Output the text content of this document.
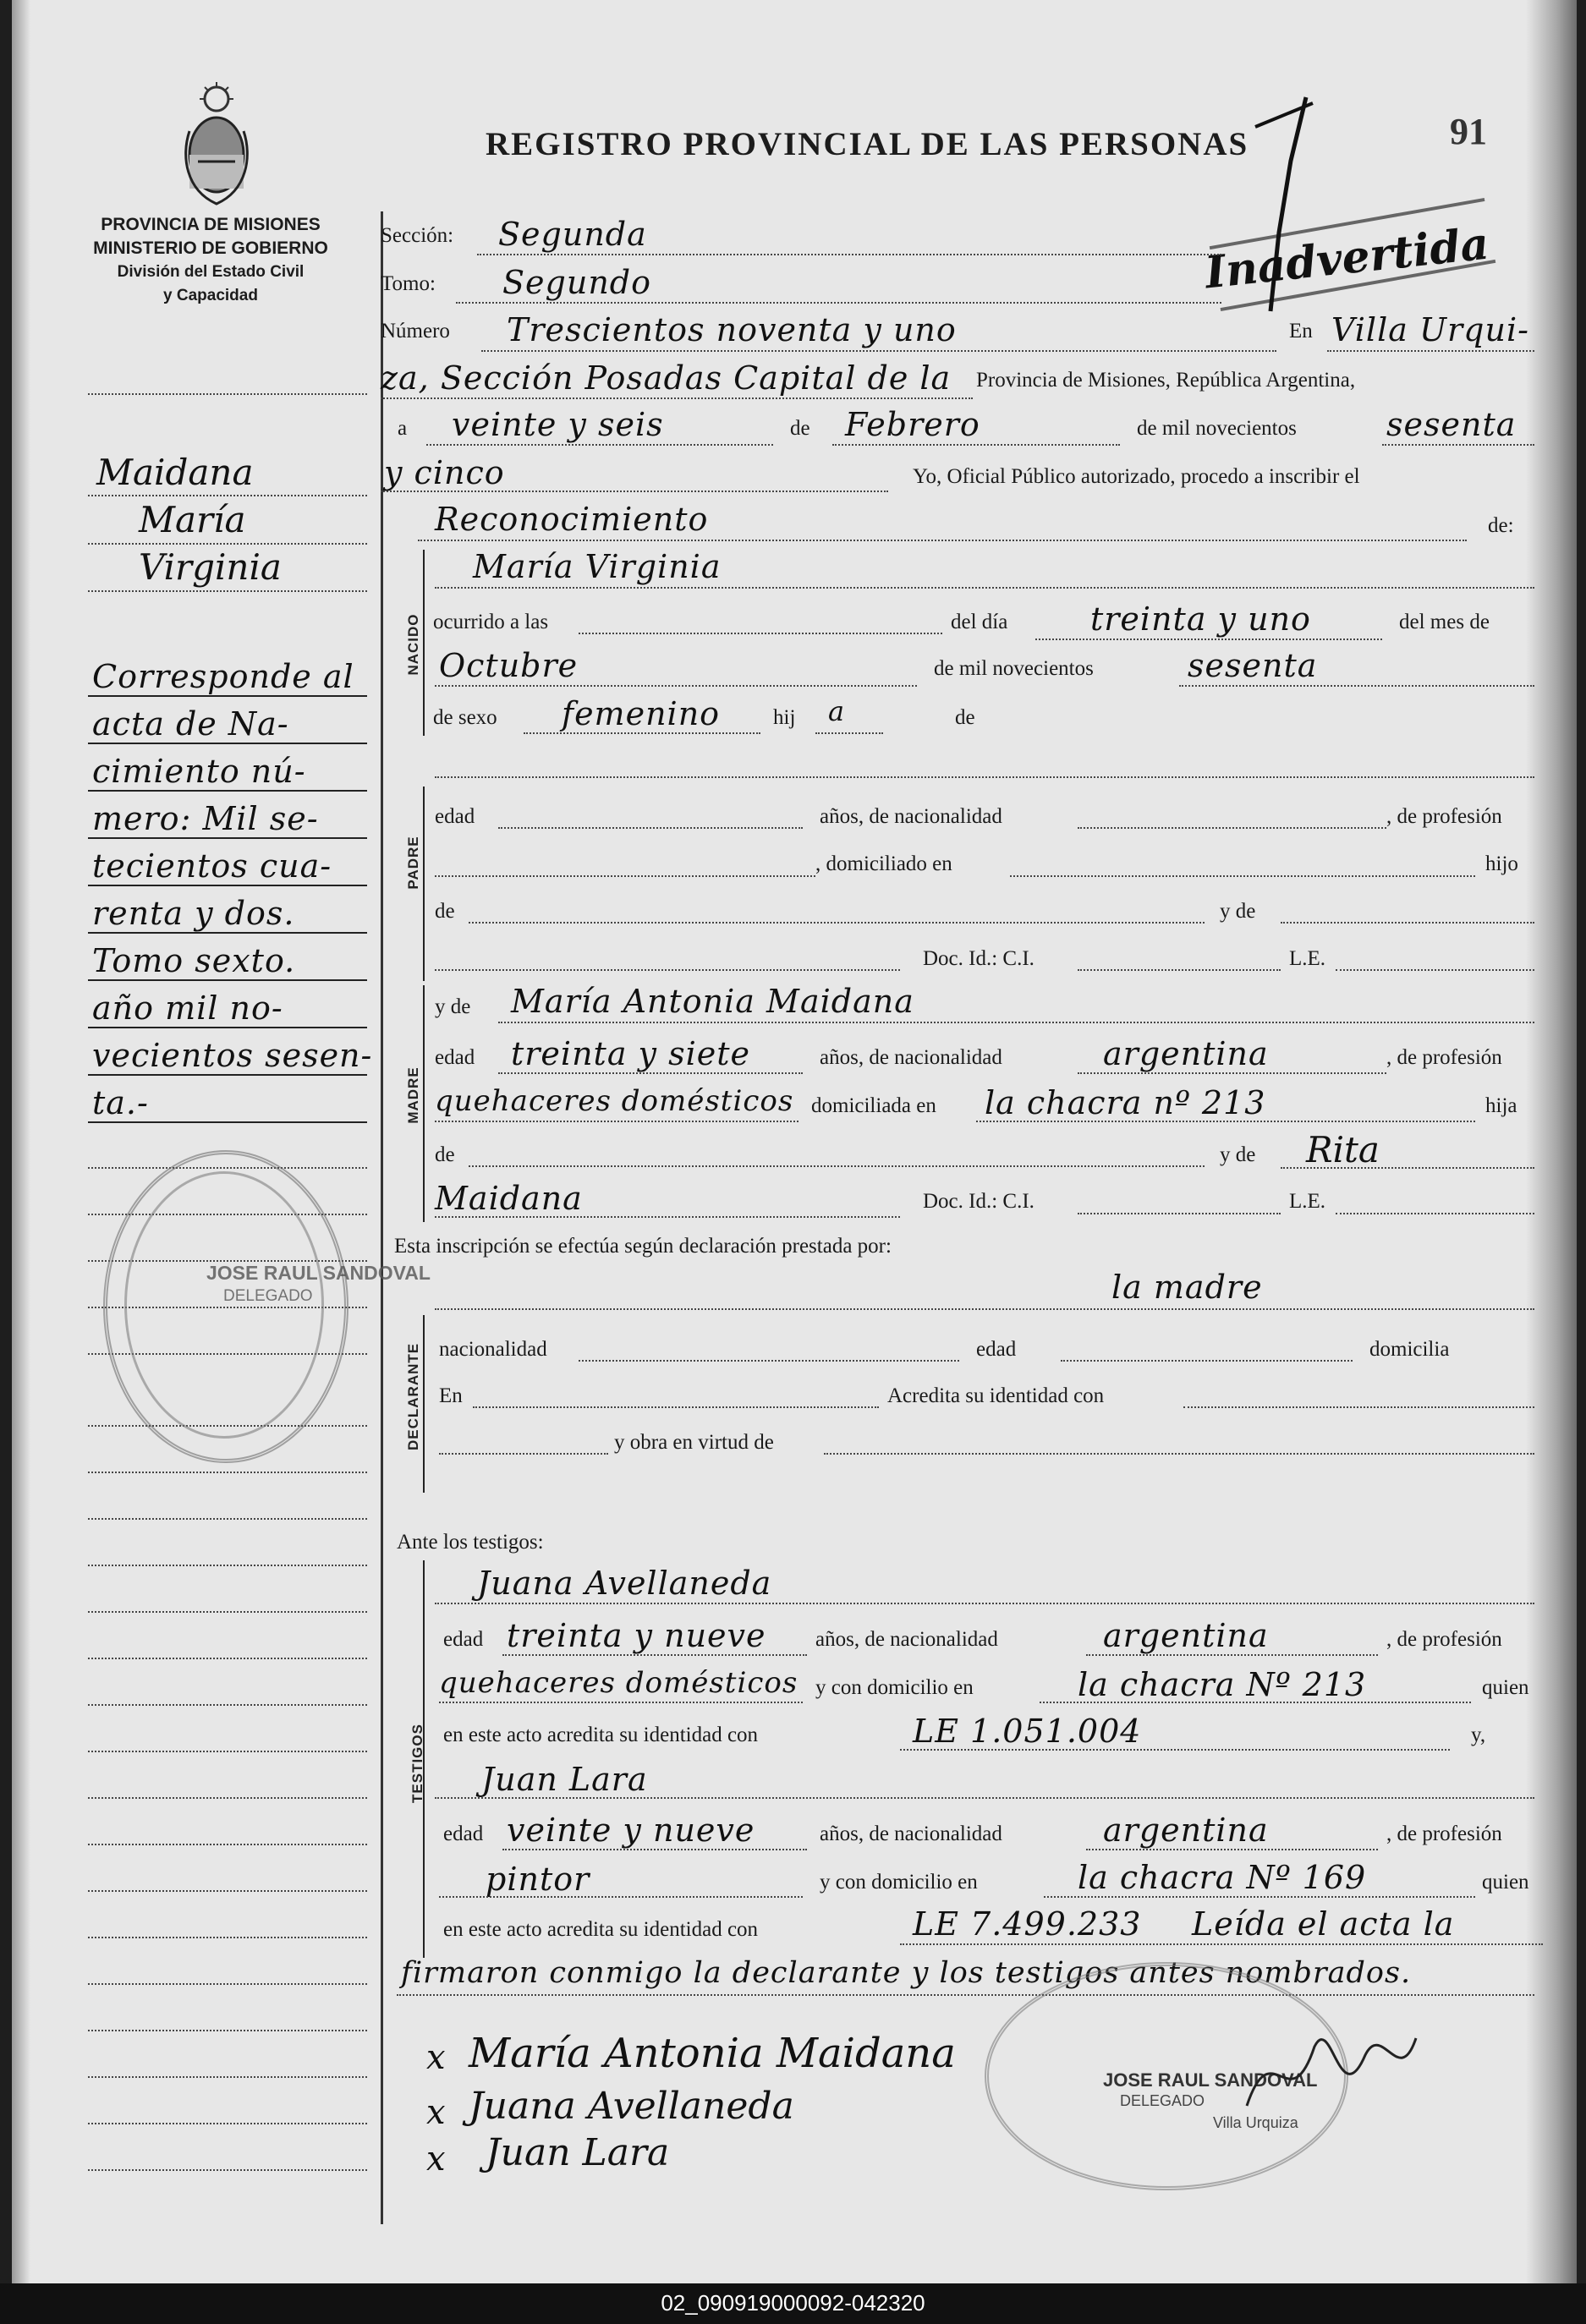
PROVINCIA DE MISIONES
MINISTERIO DE GOBIERNO
División del Estado Civil
y Capacidad
REGISTRO PROVINCIAL DE LAS PERSONAS	91
Inadvertida
Maidana
María
Virginia
Corresponde al
acta de Na-
cimiento nú-
mero: Mil se-
tecientos cua-
renta y dos.
Tomo sexto.
año mil no-
vecientos sesen-
ta.-
Sección: Segunda
Tomo: Segundo
Número Trescientos noventa y uno	En Villa Urqui-
za, Sección Posadas Capital de la Provincia de Misiones, República Argentina,
a veinte y seis	de Febrero	de mil novecientos	sesenta
y cinco	Yo, Oficial Público autorizado, procedo a inscribir el
Reconocimiento	de:
NACIDO
María Virginia
ocurrido a las	del día	treinta y uno	del mes de
Octubre	de mil novecientos	sesenta
de sexo femenino	hij a	de
PADRE
edad	años, de nacionalidad	, de profesión
, domiciliado en	hijo
de	y de
Doc. Id.: C.I.	L.E.
MADRE
y de María Antonia Maidana
edad treinta y siete	años, de nacionalidad	argentina	, de profesión
quehaceres domésticos domiciliada en la chacra nº 213	hija
de	y de Rita
Maidana	Doc. Id.: C.I.	L.E.
Esta inscripción se efectúa según declaración prestada por:
la madre
DECLARANTE nacionalidad	edad	domicilia
En	Acredita su identidad con
y obra en virtud de
Ante los testigos:
TESTIGOS
Juana Avellaneda
edad treinta y nueve años, de nacionalidad	argentina	, de profesión
quehaceres domésticos y con domicilio en	la chacra Nº 213	quien
en este acto acredita su identidad con	LE 1.051.004	y,
Juan Lara
edad veinte y nueve	años, de nacionalidad	argentina	, de profesión
pintor	y con domicilio en	la chacra Nº 169	quien
en este acto acredita su identidad con	LE 7.499.233 Leída el acta la
firmaron conmigo la declarante y los testigos antes nombrados.
x María Antonia Maidana
x Juana Avellaneda
x Juan Lara
JOSE RAUL SANDOVAL
DELEGADO
JOSE RAUL SANDOVAL
DELEGADO
Villa Urquiza
02_090919000092-042320
